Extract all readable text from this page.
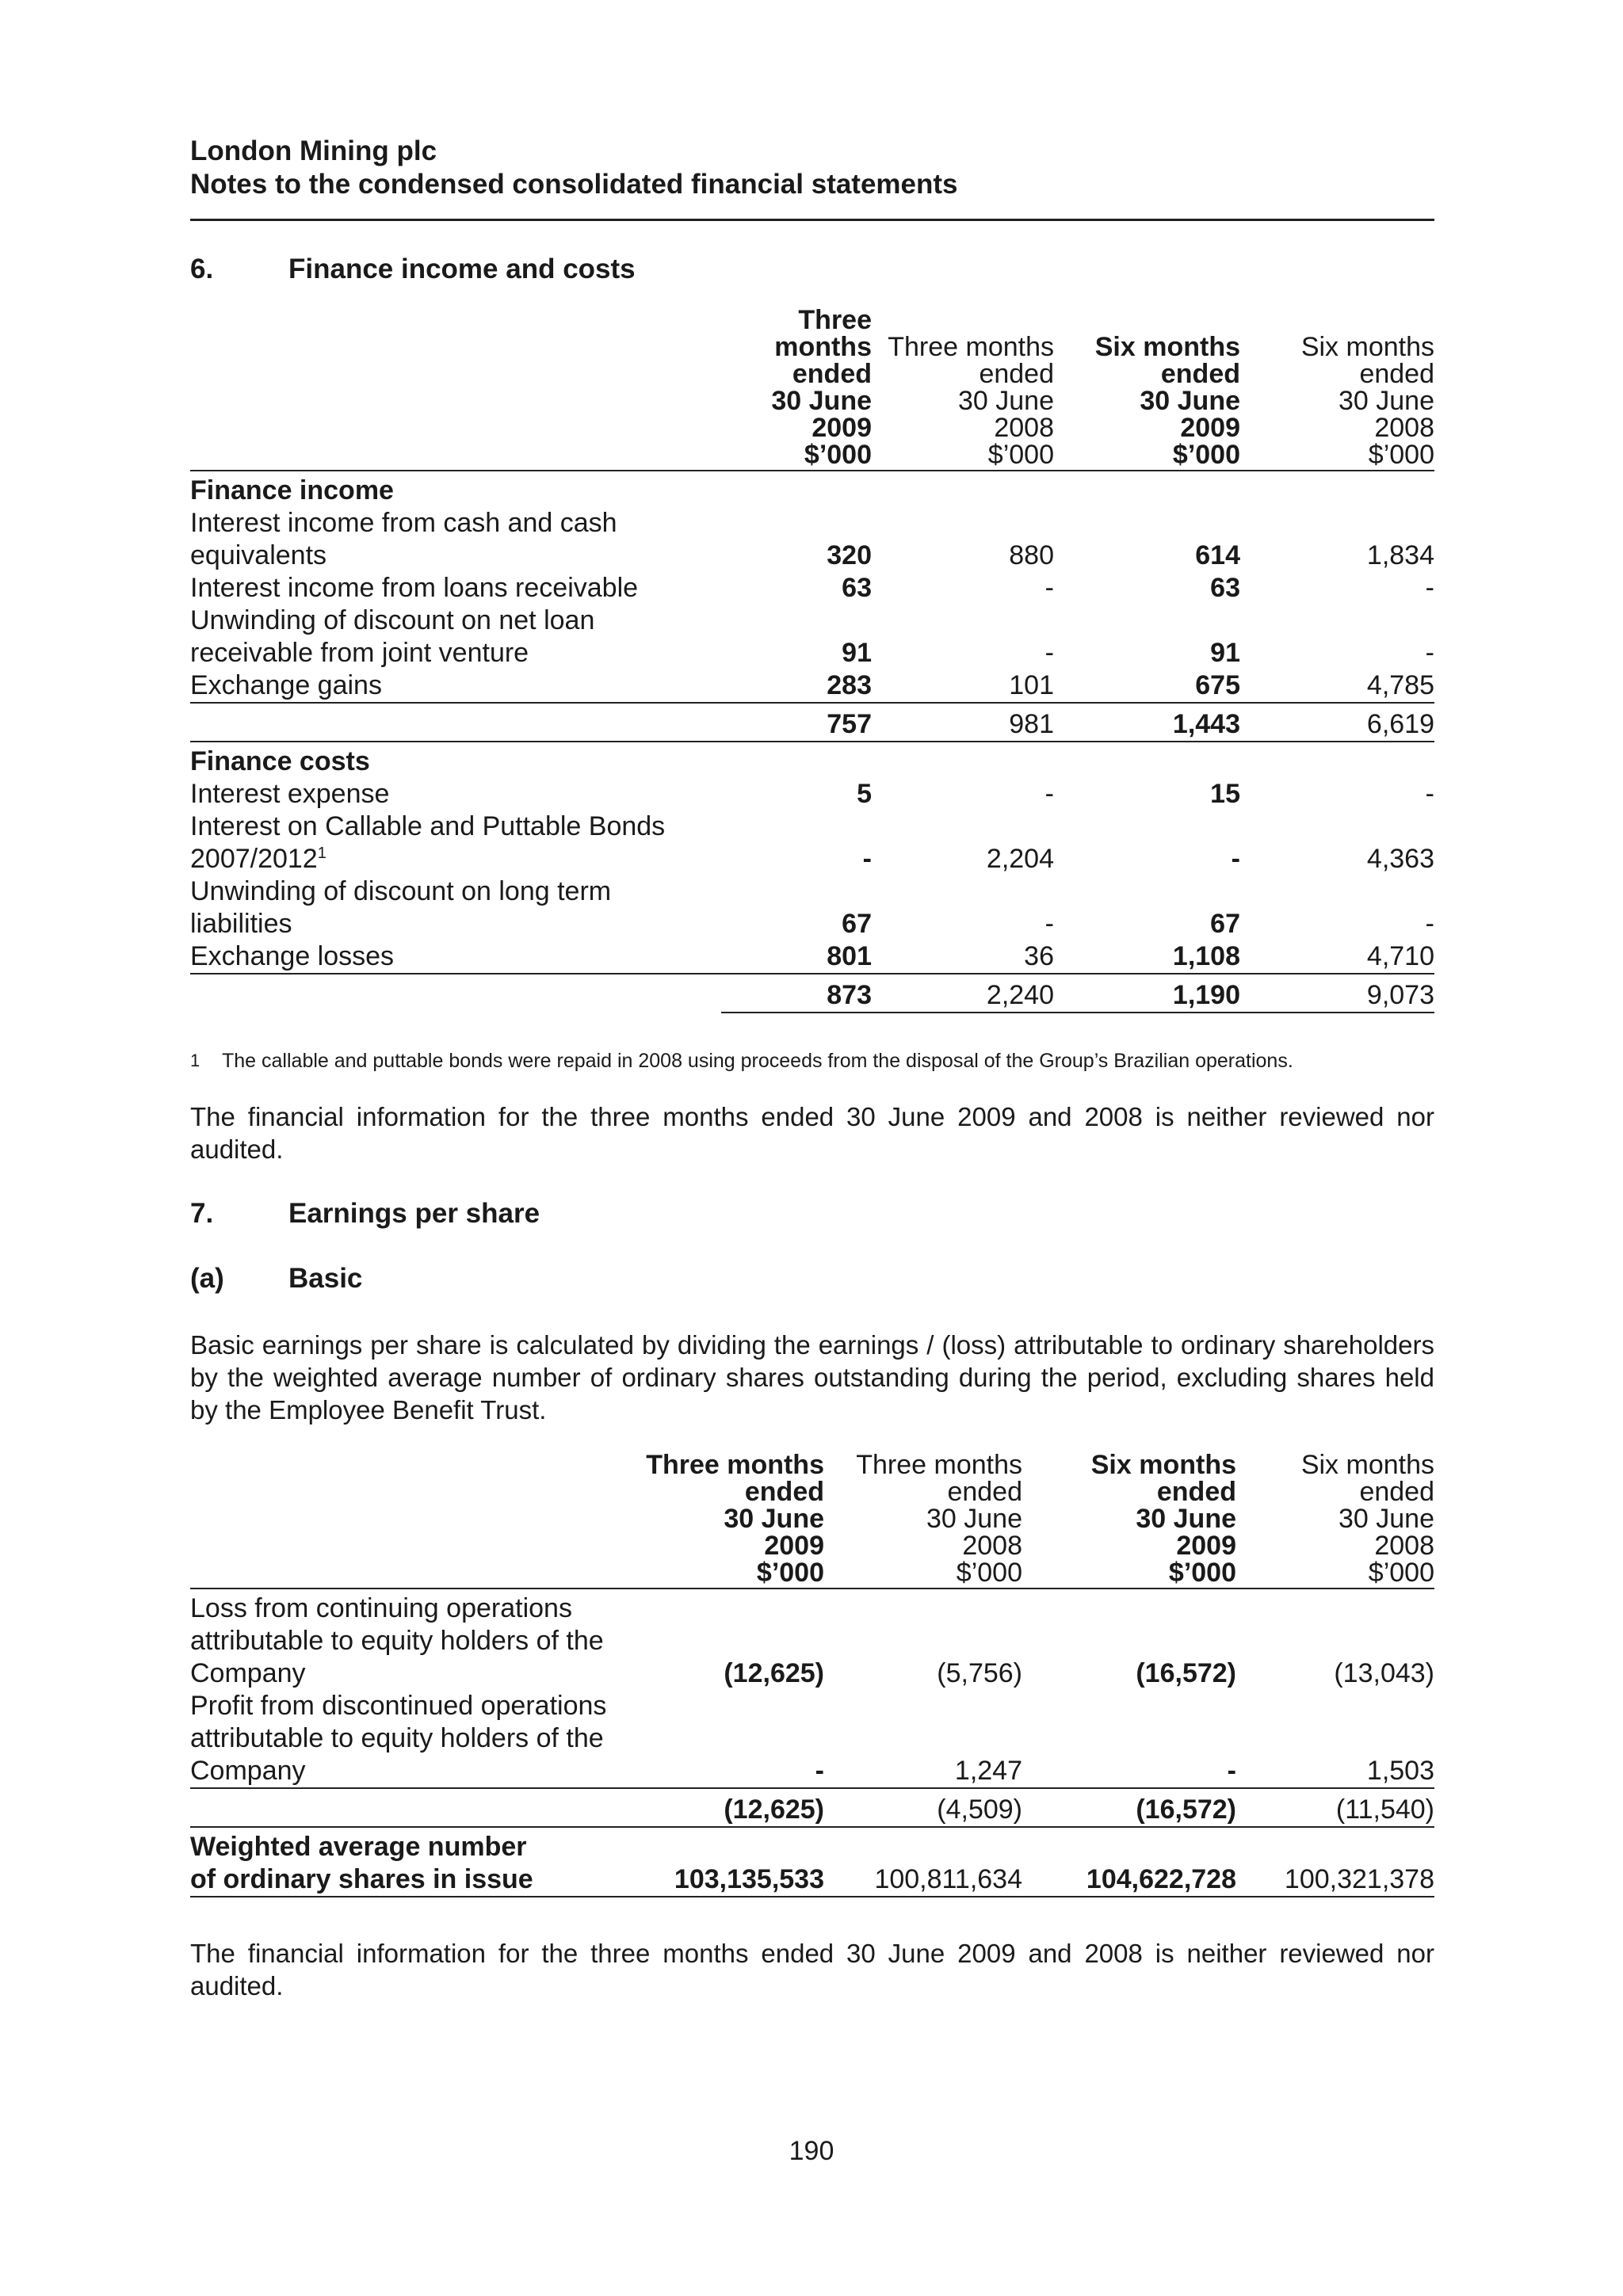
London Mining plc
Notes to the condensed consolidated financial statements
6.	Finance income and costs
	Three months
ended
30 June
2009
$’000	Three months
ended
30 June
2008
$’000	Six months
ended
30 June
2009
$’000	Six months
ended
30 June
2008
$’000
Finance income				
Interest income from cash and cash
equivalents	320	880	614	1,834
Interest income from loans receivable	63	-	63	-
Unwinding of discount on net loan
receivable from joint venture	91	-	91	-
Exchange gains	283	101	675	4,785
	757	981	1,443	6,619
Finance costs				
Interest expense	5	-	15	-
Interest on Callable and Puttable Bonds
2007/2012$^1$	-	2,204	-	4,363
Unwinding of discount on long term
liabilities	67	-	67	-
Exchange losses	801	36	1,108	4,710
	873	2,240	1,190	9,073
1	The callable and puttable bonds were repaid in 2008 using proceeds from the disposal of the Group’s Brazilian operations.

The financial information for the three months ended 30 June 2009 and 2008 is neither reviewed nor audited.

7.	Earnings per share
(a)	Basic

Basic earnings per share is calculated by dividing the earnings / (loss) attributable to ordinary shareholders by the weighted average number of ordinary shares outstanding during the period, excluding shares held by the Employee Benefit Trust.

	Three months
ended
30 June
2009
$’000	Three months
ended
30 June
2008
$’000	Six months
ended
30 June
2009
$’000	Six months
ended
30 June
2008
$’000
Loss from continuing operations
attributable to equity holders of the
Company	(12,625)	(5,756)	(16,572)	(13,043)
Profit from discontinued operations
attributable to equity holders of the
Company	-	1,247	-	1,503
	(12,625)	(4,509)	(16,572)	(11,540)
Weighted average number
of ordinary shares in issue	103,135,533	100,811,634	104,622,728	100,321,378

The financial information for the three months ended 30 June 2009 and 2008 is neither reviewed nor audited.

190
